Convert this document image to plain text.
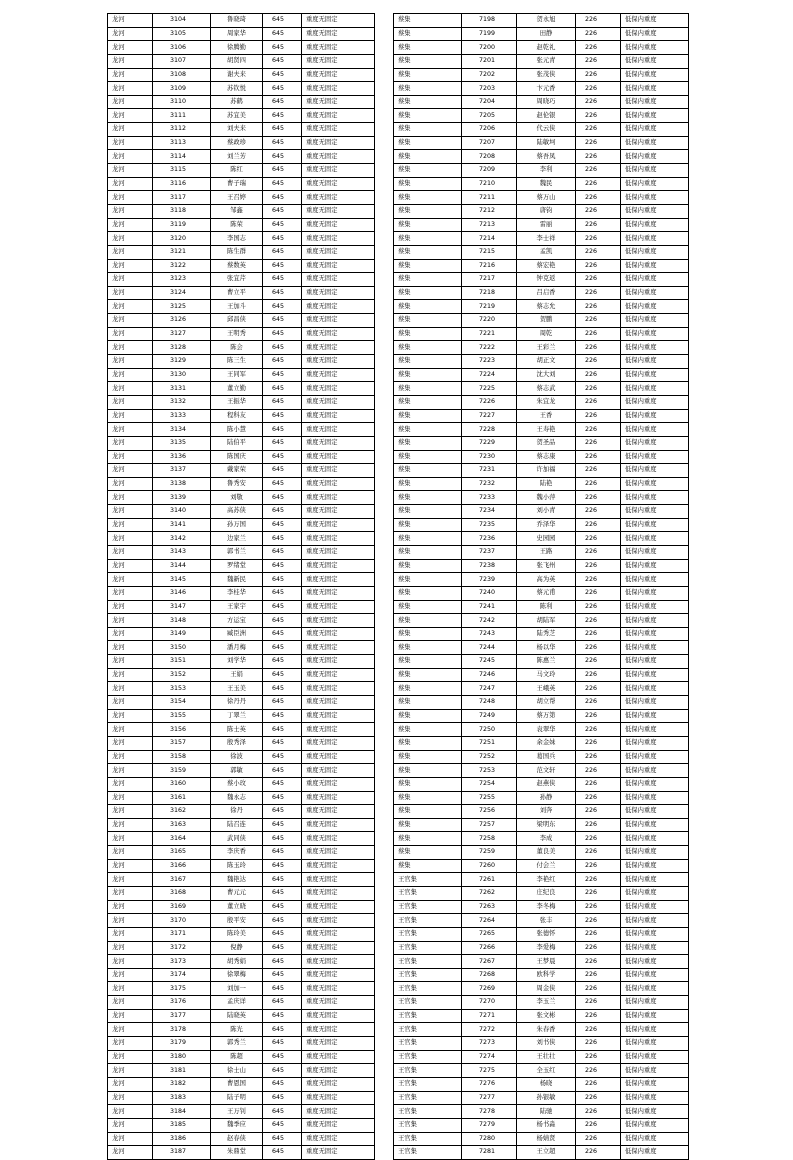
龙河	3104	鲁晓琦	645	重度无固定
龙河	3105	周家华	645	重度无固定
龙河	3106	徐腾勤	645	重度无固定
龙河	3107	胡贤四	645	重度无固定
龙河	3108	谢夫来	645	重度无固定
龙河	3109	苏钦悦	645	重度无固定
龙河	3110	苏鹤	645	重度无固定
龙河	3111	苏宜美	645	重度无固定
龙河	3112	刘夫来	645	重度无固定
龙河	3113	蔡政珍	645	重度无固定
龙河	3114	刘兰芳	645	重度无固定
龙河	3115	陈红	645	重度无固定
龙河	3116	曹子瑞	645	重度无固定
龙河	3117	王召婷	645	重度无固定
龙河	3118	邹鑫	645	重度无固定
龙河	3119	陈荣	645	重度无固定
龙河	3120	李国志	645	重度无固定
龙河	3121	陈生群	645	重度无固定
龙河	3122	蔡数英	645	重度无固定
龙河	3123	张宜芹	645	重度无固定
龙河	3124	曹立平	645	重度无固定
龙河	3125	王加斗	645	重度无固定
龙河	3126	邱昌侠	645	重度无固定
龙河	3127	王明秀	645	重度无固定
龙河	3128	陈会	645	重度无固定
龙河	3129	陈三生	645	重度无固定
龙河	3130	王同军	645	重度无固定
龙河	3131	董立勤	645	重度无固定
龙河	3132	王振华	645	重度无固定
龙河	3133	程科友	645	重度无固定
龙河	3134	陈小慧	645	重度无固定
龙河	3135	陆伯平	645	重度无固定
龙河	3136	陈国庆	645	重度无固定
龙河	3137	戴家荣	645	重度无固定
龙河	3138	鲁秀安	645	重度无固定
龙河	3139	刘敬	645	重度无固定
龙河	3140	高苏侠	645	重度无固定
龙河	3141	孙万国	645	重度无固定
龙河	3142	边家兰	645	重度无固定
龙河	3143	郭书兰	645	重度无固定
龙河	3144	罗绪堂	645	重度无固定
龙河	3145	魏新民	645	重度无固定
龙河	3146	李桂华	645	重度无固定
龙河	3147	王家宇	645	重度无固定
龙河	3148	方运宝	645	重度无固定
龙河	3149	臧臣洲	645	重度无固定
龙河	3150	潘月梅	645	重度无固定
龙河	3151	刘学华	645	重度无固定
龙河	3152	王娟	645	重度无固定
龙河	3153	王玉美	645	重度无固定
龙河	3154	徐丹丹	645	重度无固定
龙河	3155	丁翠兰	645	重度无固定
龙河	3156	陈士英	645	重度无固定
龙河	3157	殷秀泽	645	重度无固定
龙河	3158	徐波	645	重度无固定
龙河	3159	郭敏	645	重度无固定
龙河	3160	蔡小玫	645	重度无固定
龙河	3161	魏永志	645	重度无固定
龙河	3162	徐丹	645	重度无固定
龙河	3163	陆召连	645	重度无固定
龙河	3164	武同侠	645	重度无固定
龙河	3165	李庆香	645	重度无固定
龙河	3166	陈玉玲	645	重度无固定
龙河	3167	魏艳达	645	重度无固定
龙河	3168	曹元元	645	重度无固定
龙河	3169	董立晓	645	重度无固定
龙河	3170	殷平安	645	重度无固定
龙河	3171	陈玲美	645	重度无固定
龙河	3172	倪静	645	重度无固定
龙河	3173	胡秀娟	645	重度无固定
龙河	3174	徐翠梅	645	重度无固定
龙河	3175	刘加一	645	重度无固定
龙河	3176	孟庆详	645	重度无固定
龙河	3177	陆晓英	645	重度无固定
龙河	3178	陈光	645	重度无固定
龙河	3179	郭秀兰	645	重度无固定
龙河	3180	陈超	645	重度无固定
龙河	3181	徐士山	645	重度无固定
龙河	3182	曹恩国	645	重度无固定
龙河	3183	陆子明	645	重度无固定
龙河	3184	王万钊	645	重度无固定
龙河	3185	魏季应	645	重度无固定
龙河	3186	赵春侠	645	重度无固定
龙河	3187	朱鼎堂	645	重度无固定
蔡集	7198	贺永旭	226	低保内重度
蔡集	7199	田静	226	低保内重度
蔡集	7200	赵乾礼	226	低保内重度
蔡集	7201	张元青	226	低保内重度
蔡集	7202	张茂侠	226	低保内重度
蔡集	7203	卞元香	226	低保内重度
蔡集	7204	周晓巧	226	低保内重度
蔡集	7205	赵伦银	226	低保内重度
蔡集	7206	代云侠	226	低保内重度
蔡集	7207	陆敏坷	226	低保内重度
蔡集	7208	蔡吾凤	226	低保内重度
蔡集	7209	李利	226	低保内重度
蔡集	7210	魏民	226	低保内重度
蔡集	7211	蔡万山	226	低保内重度
蔡集	7212	唐钧	226	低保内重度
蔡集	7213	雷丽	226	低保内重度
蔡集	7214	李士祥	226	低保内重度
蔡集	7215	孟凯	226	低保内重度
蔡集	7216	蔡宏艳	226	低保内重度
蔡集	7217	钟克返	226	低保内重度
蔡集	7218	吕启香	226	低保内重度
蔡集	7219	蔡志允	226	低保内重度
蔡集	7220	贺鹏	226	低保内重度
蔡集	7221	周乾	226	低保内重度
蔡集	7222	王彩兰	226	低保内重度
蔡集	7223	胡正文	226	低保内重度
蔡集	7224	沈大刘	226	低保内重度
蔡集	7225	蔡志武	226	低保内重度
蔡集	7226	朱宜龙	226	低保内重度
蔡集	7227	王香	226	低保内重度
蔡集	7228	王寿艳	226	低保内重度
蔡集	7229	贺圣品	226	低保内重度
蔡集	7230	蔡志康	226	低保内重度
蔡集	7231	许加福	226	低保内重度
蔡集	7232	陆艳	226	低保内重度
蔡集	7233	魏小萍	226	低保内重度
蔡集	7234	刘小青	226	低保内重度
蔡集	7235	乔泽华	226	低保内重度
蔡集	7236	史园园	226	低保内重度
蔡集	7237	王路	226	低保内重度
蔡集	7238	张飞州	226	低保内重度
蔡集	7239	高为英	226	低保内重度
蔡集	7240	蔡元甫	226	低保内重度
蔡集	7241	陈利	226	低保内重度
蔡集	7242	胡陆军	226	低保内重度
蔡集	7243	陆秀芝	226	低保内重度
蔡集	7244	杨以华	226	低保内重度
蔡集	7245	陈惠兰	226	低保内重度
蔡集	7246	马文玲	226	低保内重度
蔡集	7247	王峨英	226	低保内重度
蔡集	7248	胡立帮	226	低保内重度
蔡集	7249	蔡万第	226	低保内重度
蔡集	7250	袁翠华	226	低保内重度
蔡集	7251	余金妹	226	低保内重度
蔡集	7252	葛国兵	226	低保内重度
蔡集	7253	范文轩	226	低保内重度
蔡集	7254	赵燕侠	226	低保内重度
蔡集	7255	孙静	226	低保内重度
蔡集	7256	刘奔	226	低保内重度
蔡集	7257	梁明东	226	低保内重度
蔡集	7258	李成	226	低保内重度
蔡集	7259	董良美	226	低保内重度
蔡集	7260	付会兰	226	低保内重度
王官集	7261	李艳红	226	低保内重度
王官集	7262	庄纪良	226	低保内重度
王官集	7263	李冬梅	226	低保内重度
王官集	7264	张丰	226	低保内重度
王官集	7265	张德怀	226	低保内重度
王官集	7266	李爱梅	226	低保内重度
王官集	7267	王梦晨	226	低保内重度
王官集	7268	欧科学	226	低保内重度
王官集	7269	周金侠	226	低保内重度
王官集	7270	李玉兰	226	低保内重度
王官集	7271	张文彬	226	低保内重度
王官集	7272	朱春香	226	低保内重度
王官集	7273	刘书侠	226	低保内重度
王官集	7274	王壮壮	226	低保内重度
王官集	7275	全玉红	226	低保内重度
王官集	7276	杨晓	226	低保内重度
王官集	7277	孙银敏	226	低保内重度
王官集	7278	陆驰	226	低保内重度
王官集	7279	杨书淼	226	低保内重度
王官集	7280	杨婧贤	226	低保内重度
王官集	7281	王立超	226	低保内重度
